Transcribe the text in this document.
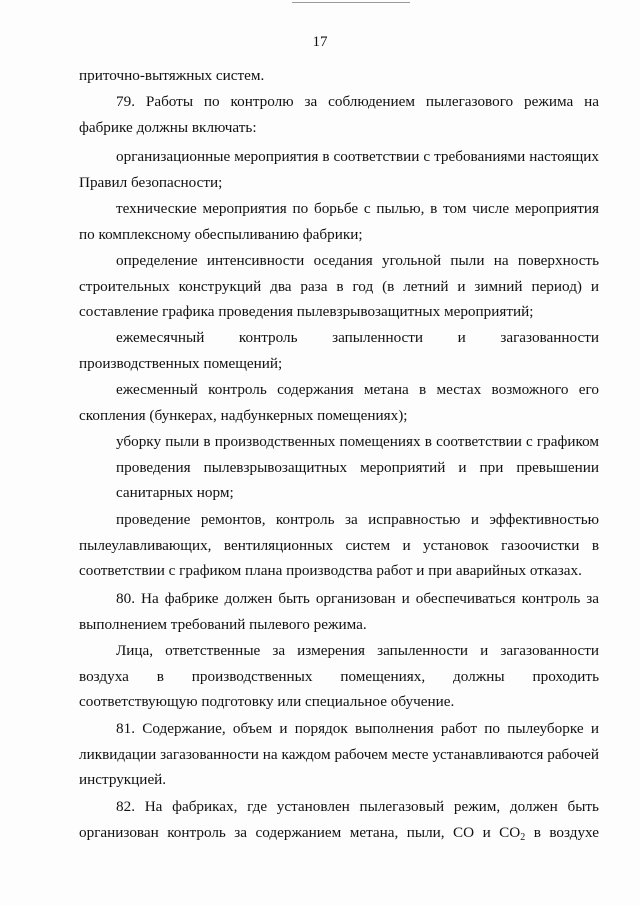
17

приточно-вытяжных систем.

79. Работы по контролю за соблюдением пылегазового режима на фабрике должны включать:

организационные мероприятия в соответствии с требованиями настоящих Правил безопасности;

технические мероприятия по борьбе с пылью, в том числе мероприятия по комплексному обеспыливанию фабрики;

определение интенсивности оседания угольной пыли на поверхность строительных конструкций два раза в год (в летний и зимний период) и составление графика проведения пылевзрывозащитных мероприятий;

ежемесячный контроль запыленности и загазованности производственных помещений;

ежесменный контроль содержания метана в местах возможного его скопления (бункерах, надбункерных помещениях);

уборку пыли в производственных помещениях в соответствии с графиком проведения пылевзрывозащитных мероприятий и при превышении санитарных норм;

проведение ремонтов, контроль за исправностью и эффективностью пылеулавливающих, вентиляционных систем и установок газоочистки в соответствии с графиком плана производства работ и при аварийных отказах.

80. На фабрике должен быть организован и обеспечиваться контроль за выполнением требований пылевого режима.

Лица, ответственные за измерения запыленности и загазованности воздуха в производственных помещениях, должны проходить соответствующую подготовку или специальное обучение.

81. Содержание, объем и порядок выполнения работ по пылеуборке и ликвидации загазованности на каждом рабочем месте устанавливаются рабочей инструкцией.

82. На фабриках, где установлен пылегазовый режим, должен быть организован контроль за содержанием метана, пыли, CO и $CO_2$ в воздухе
